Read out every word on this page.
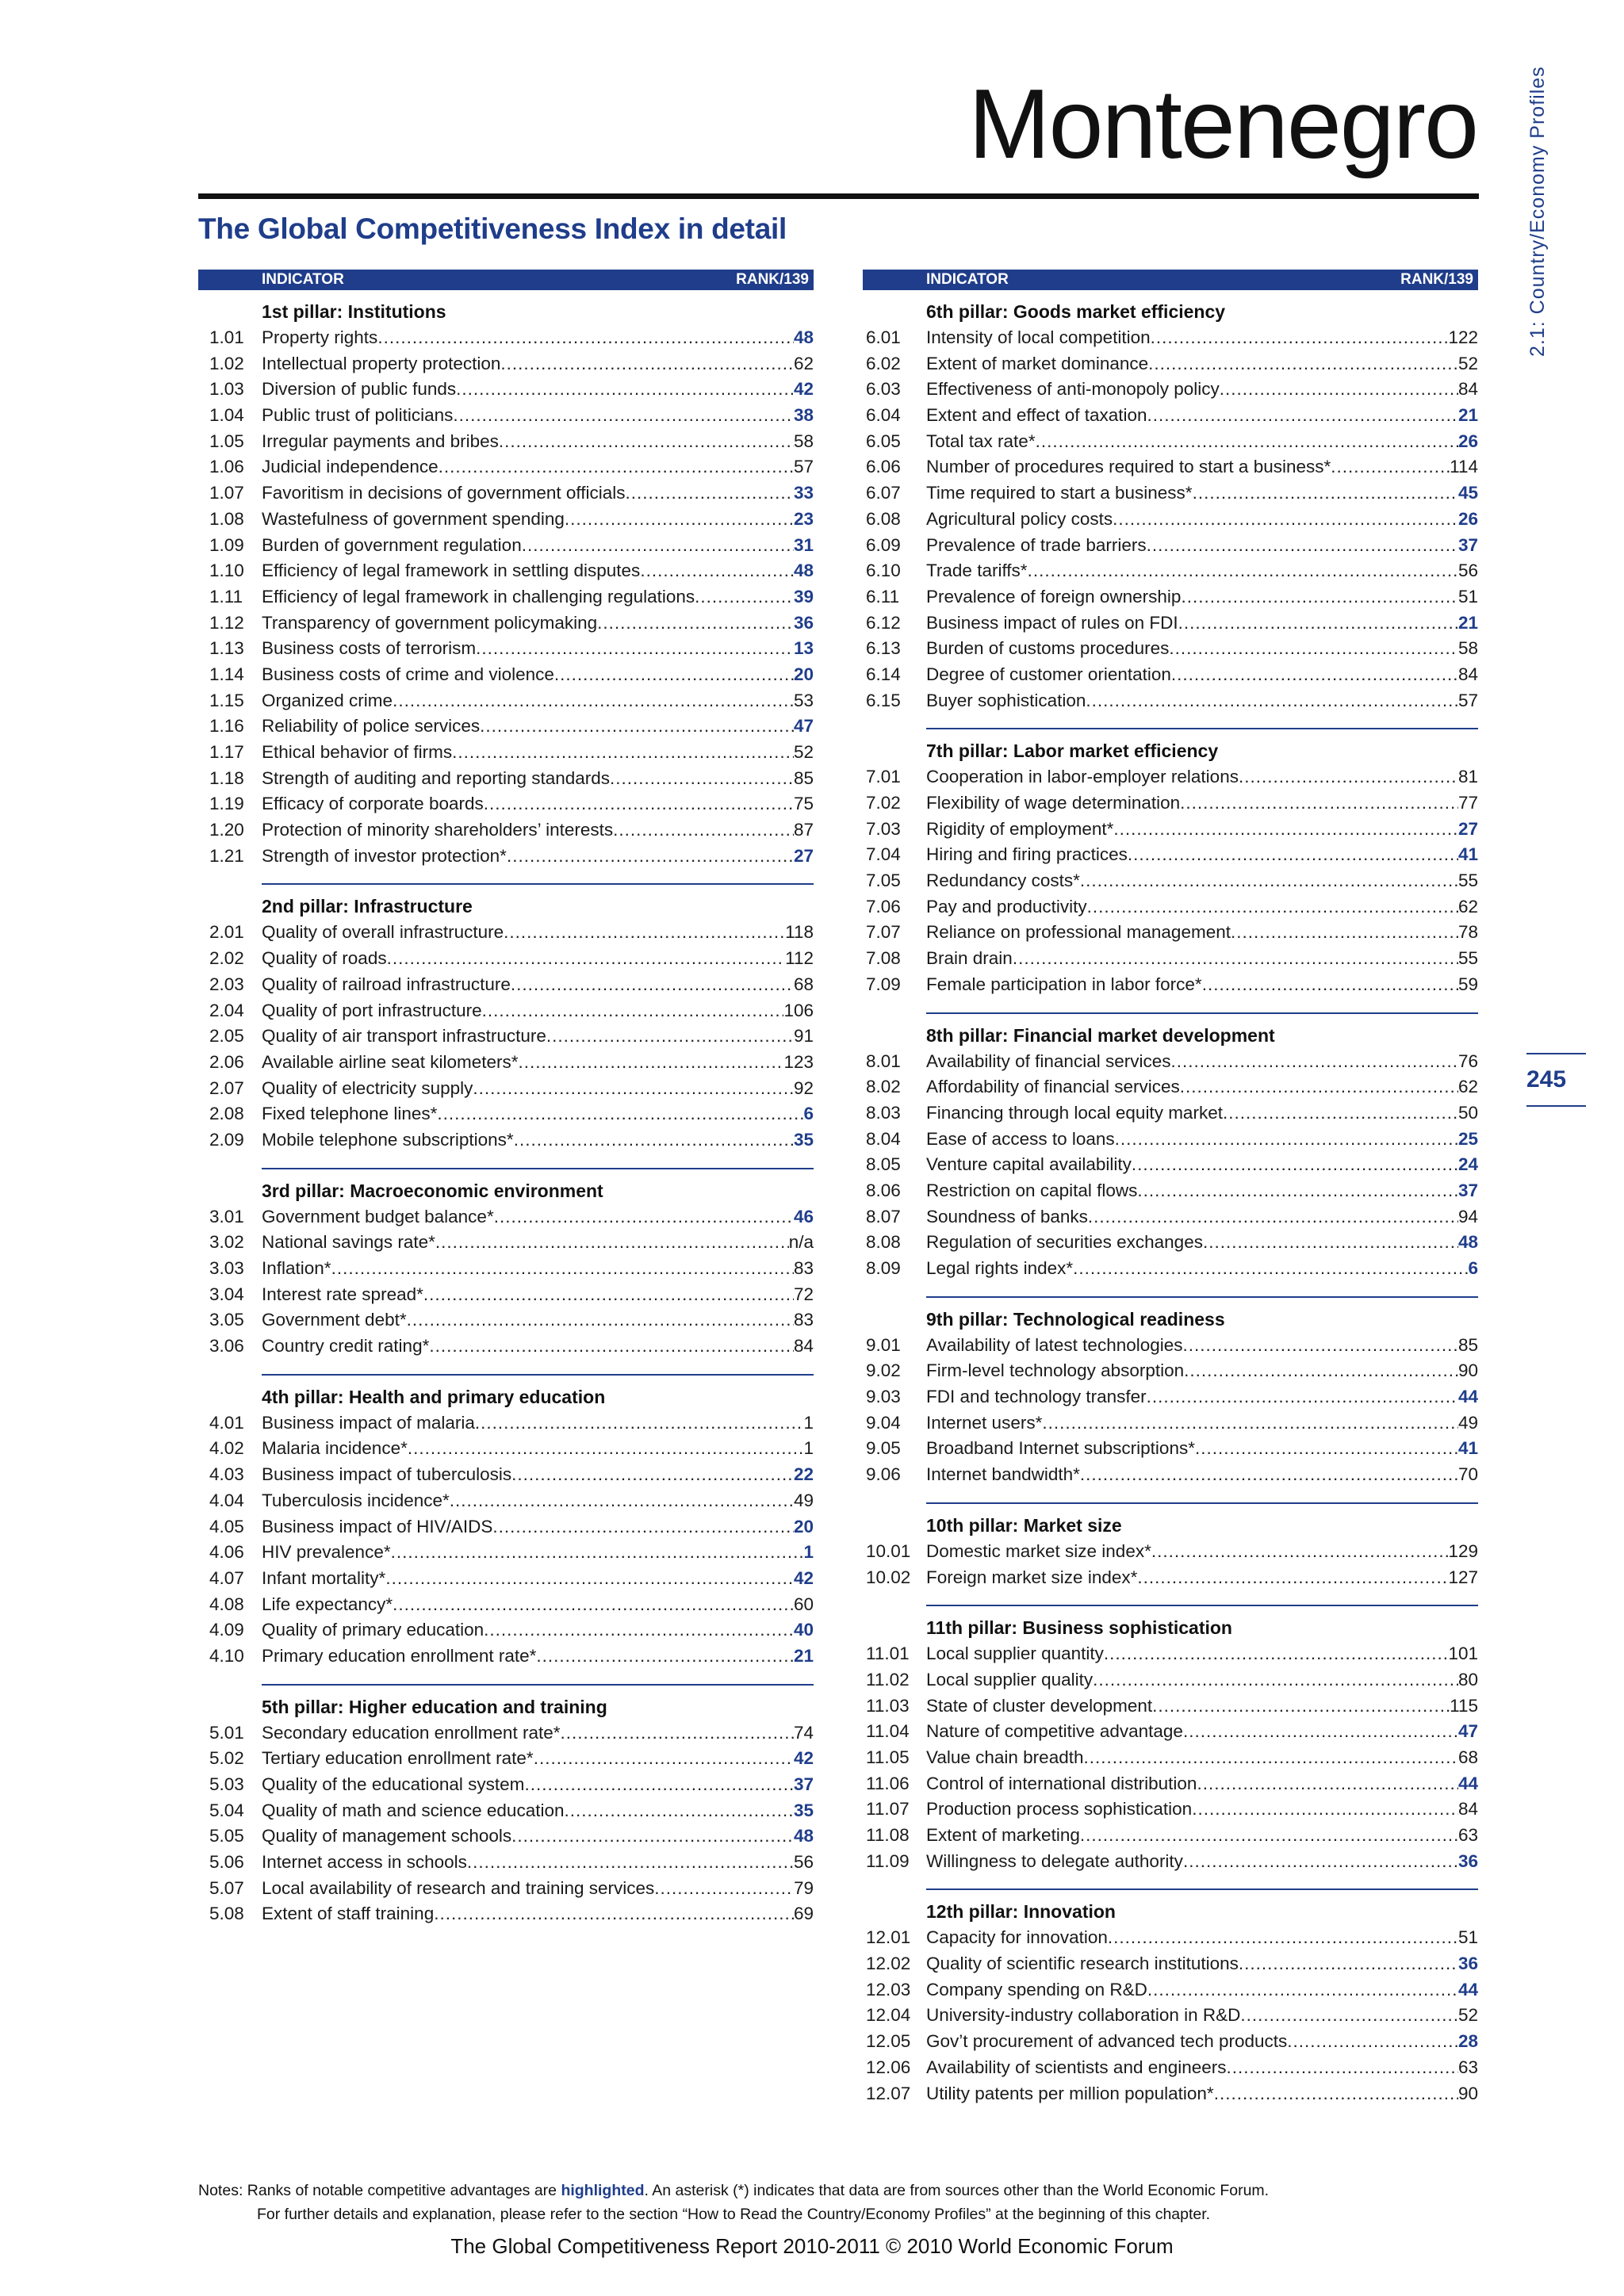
Montenegro
The Global Competitiveness Index in detail	2.1: Country/Economy Profiles
245
INDICATOR	RANK/139
1st pillar: Institutions
1.01 Property rights .....	48
1.02 Intellectual property protection .....	62
1.03 Diversion of public funds .....	42
1.04 Public trust of politicians .....	38
1.05 Irregular payments and bribes .....	58
1.06 Judicial independence .....	57
1.07 Favoritism in decisions of government officials .....	33
1.08 Wastefulness of government spending .....	23
1.09 Burden of government regulation .....	31
1.10 Efficiency of legal framework in settling disputes .....	48
1.11	Efficiency of legal framework in challenging regulations .....	39
1.12 Transparency of government policymaking .....	36
1.13 Business costs of terrorism .....	13
1.14 Business costs of crime and violence .....	20
1.15 Organized crime .....	53
1.16 Reliability of police services .....	47
1.17 Ethical behavior of firms .....	52
1.18 Strength of auditing and reporting standards .....	85
1.19 Efficacy of corporate boards .....	75
1.20 Protection of minority shareholders’ interests .....	87
1.21 Strength of investor protection* .....	27
2nd pillar: Infrastructure
2.01 Quality of overall infrastructure .....	118
2.02 Quality of roads .....	112
2.03 Quality of railroad infrastructure .....	68
2.04 Quality of port infrastructure .....	106
2.05 Quality of air transport infrastructure .....	91
2.06 Available airline seat kilometers* .....	123
2.07 Quality of electricity supply .....	92
2.08 Fixed telephone lines* .....	6
2.09 Mobile telephone subscriptions* .....	35
3rd pillar: Macroeconomic environment
3.01 Government budget balance* .....	46
3.02 National savings rate* .....	n/a
3.03 Inflation* .....	83
3.04 Interest rate spread* .....	72
3.05 Government debt* .....	83
3.06 Country credit rating* .....	84
4th pillar: Health and primary education
4.01 Business impact of malaria .....	1
4.02 Malaria incidence* .....	1
4.03 Business impact of tuberculosis .....	22
4.04 Tuberculosis incidence* .....	49
4.05 Business impact of HIV/AIDS .....	20
4.06 HIV prevalence* .....	1
4.07 Infant mortality* .....	42
4.08 Life expectancy* .....	60
4.09 Quality of primary education .....	40
4.10 Primary education enrollment rate* .....	21
5th pillar: Higher education and training
5.01 Secondary education enrollment rate* .....	74
5.02 Tertiary education enrollment rate* .....	42
5.03 Quality of the educational system .....	37
5.04 Quality of math and science education .....	35
5.05 Quality of management schools .....	48
5.06 Internet access in schools .....	56
5.07 Local availability of research and training services .....	79
5.08 Extent of staff training .....	69
INDICATOR	RANK/139
6th pillar: Goods market efficiency
6.01	Intensity of local competition .....	122
6.02	Extent of market dominance .....	52
6.03	Effectiveness of anti-monopoly policy .....	84
6.04	Extent and effect of taxation .....	21
6.05	Total tax rate* .....	26
6.06	Number of procedures required to start a business* .....	114
6.07	Time required to start a business* .....	45
6.08	Agricultural policy costs .....	26
6.09	Prevalence of trade barriers .....	37
6.10	Trade tariffs* .....	56
6.11	Prevalence of foreign ownership .....	51
6.12	Business impact of rules on FDI .....	21
6.13	Burden of customs procedures .....	58
6.14	Degree of customer orientation .....	84
6.15	Buyer sophistication .....	57
7th pillar: Labor market efficiency
7.01	Cooperation in labor-employer relations .....	81
7.02	Flexibility of wage determination .....	77
7.03	Rigidity of employment* .....	27
7.04	Hiring and firing practices .....	41
7.05	Redundancy costs* .....	55
7.06	Pay and productivity .....	62
7.07	Reliance on professional management .....	78
7.08	Brain drain .....	55
7.09	Female participation in labor force* .....	59
8th pillar: Financial market development
8.01	Availability of financial services .....	76
8.02	Affordability of financial services .....	62
8.03	Financing through local equity market .....	50
8.04	Ease of access to loans .....	25
8.05	Venture capital availability .....	24
8.06	Restriction on capital flows .....	37
8.07	Soundness of banks .....	94
8.08	Regulation of securities exchanges .....	48
8.09	Legal rights index* .....	6
9th pillar: Technological readiness
9.01	Availability of latest technologies .....	85
9.02	Firm-level technology absorption .....	90
9.03	FDI and technology transfer .....	44
9.04	Internet users* .....	49
9.05	Broadband Internet subscriptions* .....	41
9.06	Internet bandwidth* .....	70
10th pillar: Market size
10.01 Domestic market size index* .....	129
10.02 Foreign market size index* .....	127
11th pillar: Business sophistication
11.01 Local supplier quantity .....	101
11.02 Local supplier quality .....	80
11.03 State of cluster development .....	115
11.04 Nature of competitive advantage .....	47
11.05 Value chain breadth .....	68
11.06 Control of international distribution .....	44
11.07 Production process sophistication .....	84
11.08 Extent of marketing .....	63
11.09 Willingness to delegate authority .....	36
12th pillar: Innovation
12.01 Capacity for innovation .....	51
12.02 Quality of scientific research institutions .....	36
12.03 Company spending on R&D .....	44
12.04 University-industry collaboration in R&D .....	52
12.05 Gov’t procurement of advanced tech products .....	28
12.06 Availability of scientists and engineers .....	63
12.07 Utility patents per million population* .....	90
Notes: Ranks of notable competitive advantages are highlighted. An asterisk (*) indicates that data are from sources other than the World Economic Forum.
For further details and explanation, please refer to the section “How to Read the Country/Economy Profiles” at the beginning of this chapter.
The Global Competitiveness Report 2010-2011 © 2010 World Economic Forum
